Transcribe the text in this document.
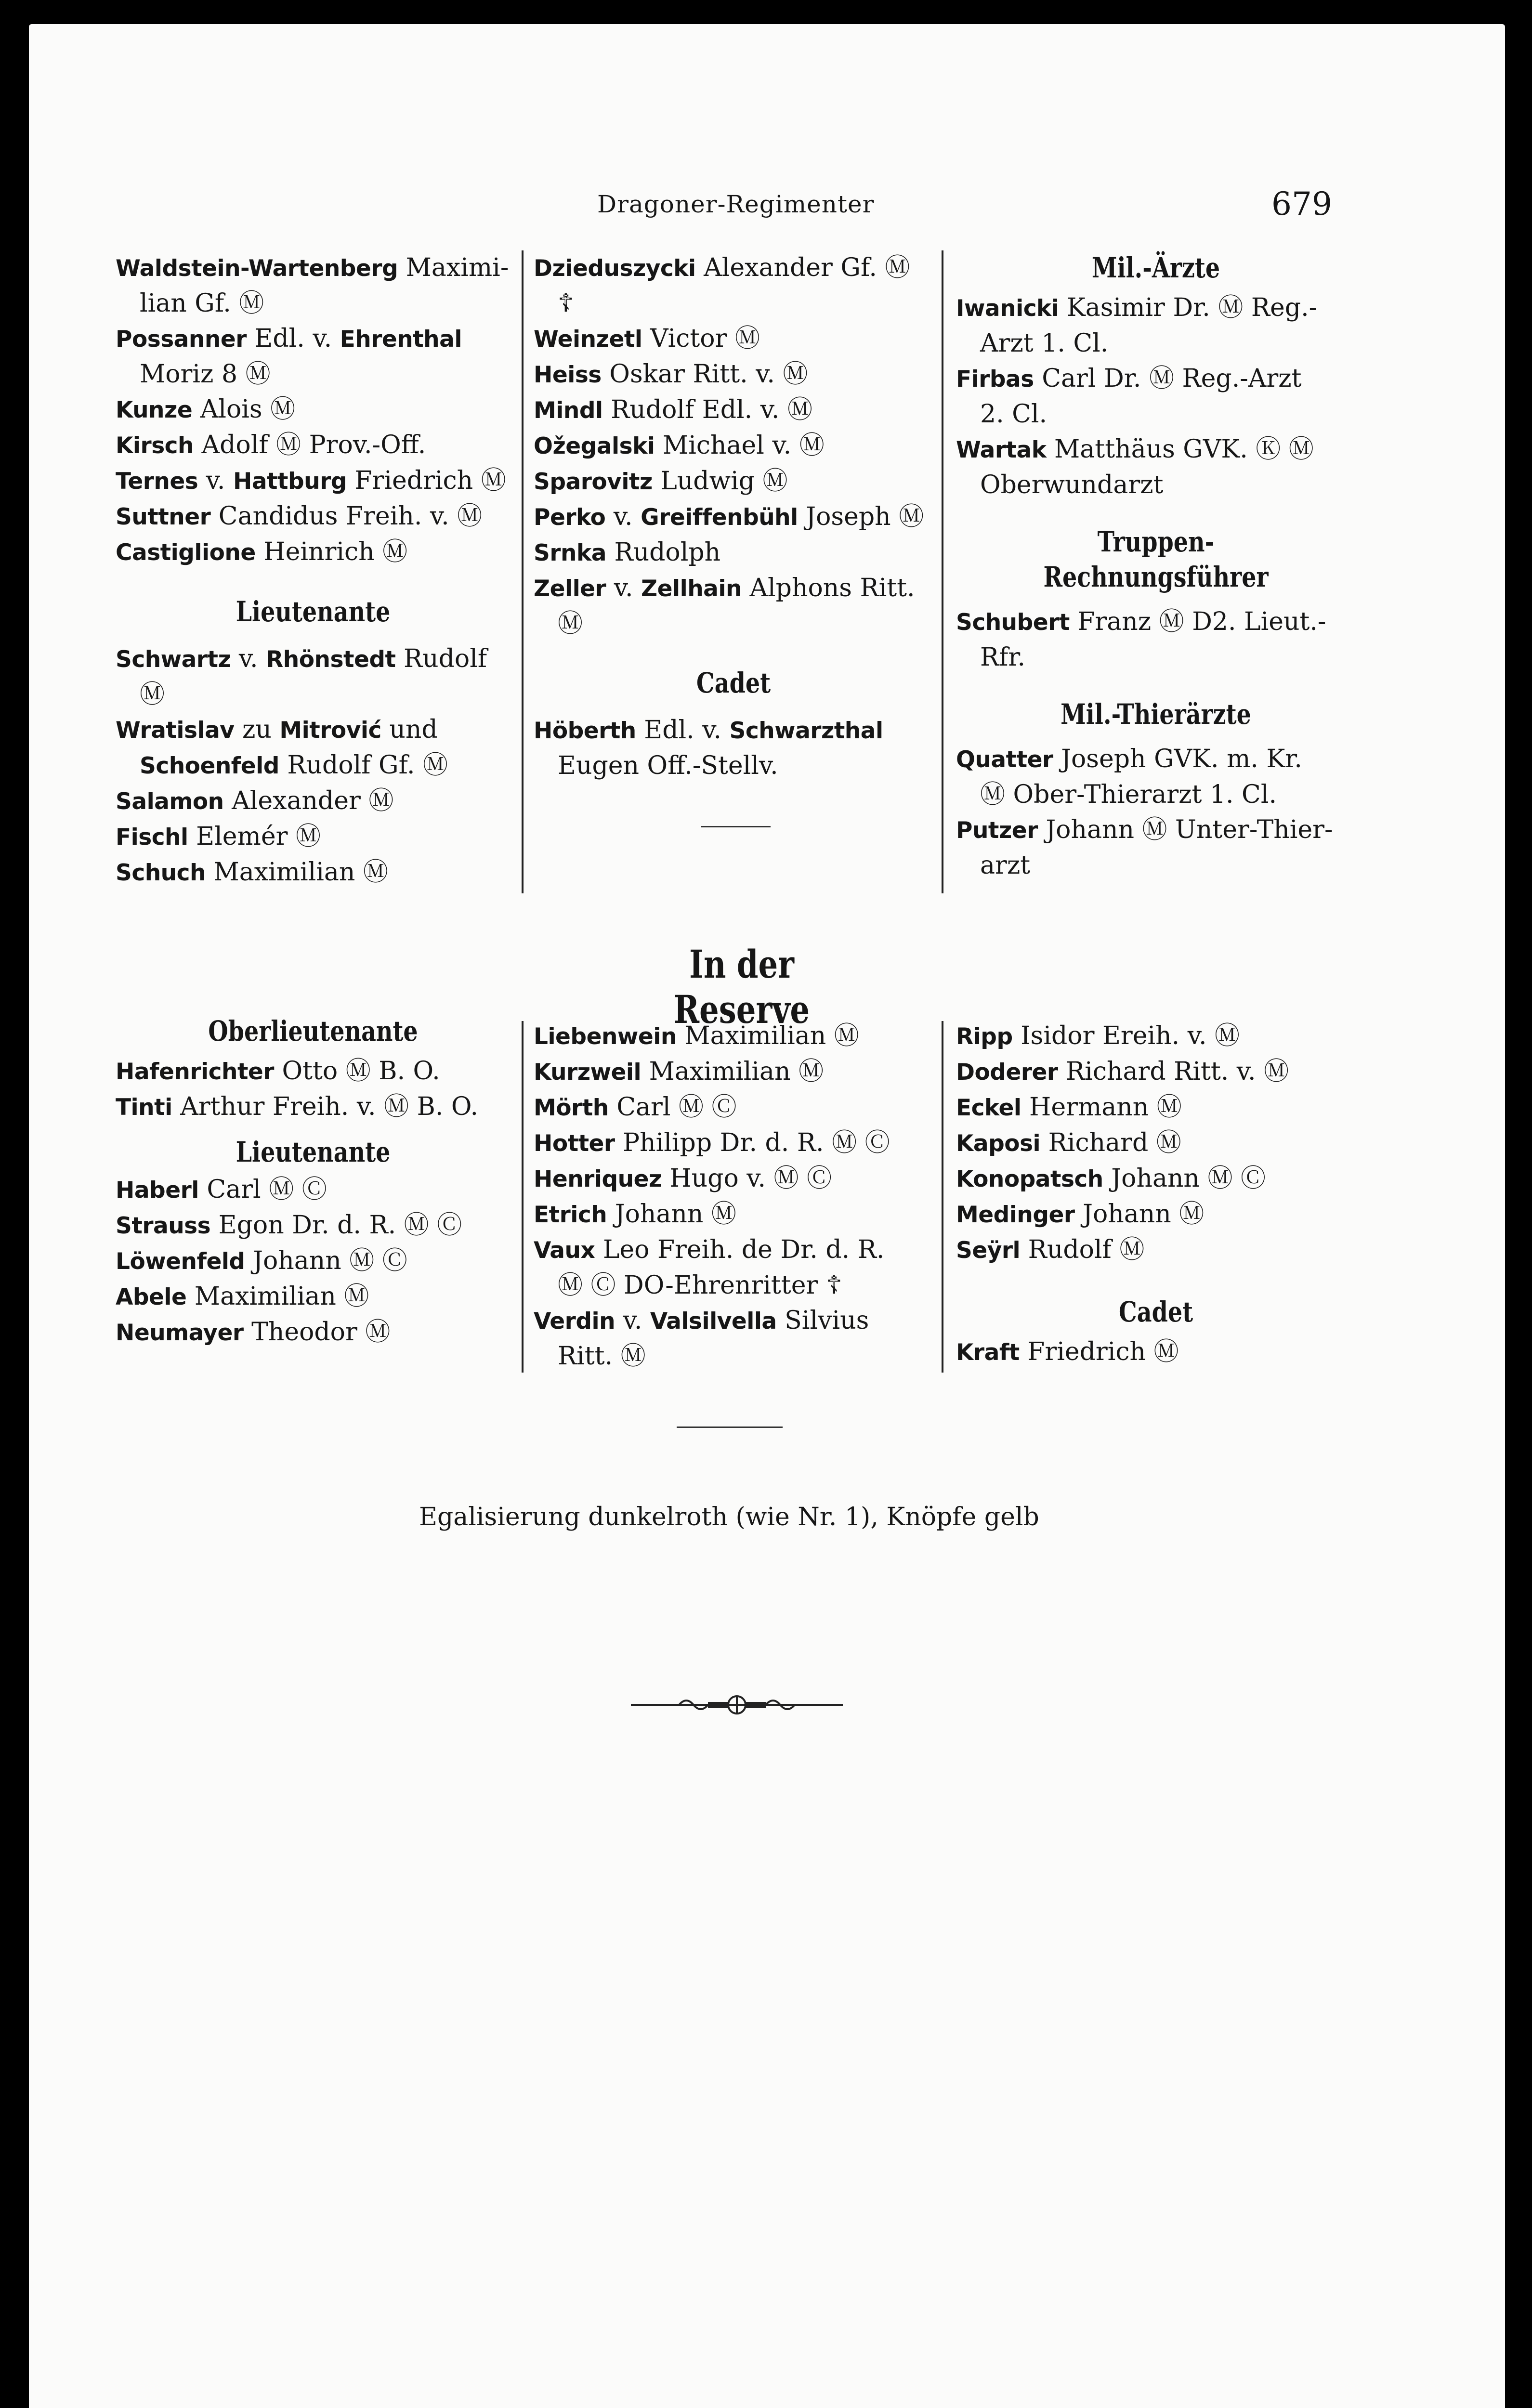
Dragoner-Regimenter	679
Waldstein-Wartenberg Maximi-
lian Gf. Ⓜ
Possanner Edl. v. Ehrenthal
Moriz 8 Ⓜ
Kunze Alois Ⓜ
Kirsch Adolf Ⓜ Prov.-Off.
Ternes v. Hattburg Friedrich Ⓜ
Suttner Candidus Freih. v. Ⓜ
Castiglione Heinrich Ⓜ
Lieutenante
Schwartz v. Rhönstedt Rudolf
Ⓜ
Wratislav zu Mitrović und
Schoenfeld Rudolf Gf. Ⓜ
Salamon Alexander Ⓜ
Fischl Elemér Ⓜ
Schuch Maximilian Ⓜ
Dzieduszycki Alexander Gf. Ⓜ
☦
Weinzetl Victor Ⓜ
Heiss Oskar Ritt. v. Ⓜ
Mindl Rudolf Edl. v. Ⓜ
Ožegalski Michael v. Ⓜ
Sparovitz Ludwig Ⓜ
Perko v. Greiffenbühl Joseph Ⓜ
Srnka Rudolph
Zeller v. Zellhain Alphons Ritt.
Ⓜ
Cadet
Höberth Edl. v. Schwarzthal
Eugen Off.-Stellv.
Mil.-Ärzte
Iwanicki Kasimir Dr. Ⓜ Reg.-
Arzt 1. Cl.
Firbas Carl Dr. Ⓜ Reg.-Arzt
2. Cl.
Wartak Matthäus GVK. Ⓚ Ⓜ
Oberwundarzt
Truppen-Rechnungsführer
Schubert Franz Ⓜ D2. Lieut.-
Rfr.
Mil.-Thierärzte
Quatter Joseph GVK. m. Kr.
Ⓜ Ober-Thierarzt 1. Cl.
Putzer Johann Ⓜ Unter-Thier-
arzt
In der Reserve
Oberlieutenante
Hafenrichter Otto Ⓜ B. O.
Tinti Arthur Freih. v. Ⓜ B. O.
Lieutenante
Haberl Carl Ⓜ Ⓒ
Strauss Egon Dr. d. R. Ⓜ Ⓒ
Löwenfeld Johann Ⓜ Ⓒ
Abele Maximilian Ⓜ
Neumayer Theodor Ⓜ
Liebenwein Maximilian Ⓜ
Kurzweil Maximilian Ⓜ
Mörth Carl Ⓜ Ⓒ
Hotter Philipp Dr. d. R. Ⓜ Ⓒ
Henriquez Hugo v. Ⓜ Ⓒ
Etrich Johann Ⓜ
Vaux Leo Freih. de Dr. d. R.
Ⓜ Ⓒ DO-Ehrenritter ☦
Verdin v. Valsilvella Silvius
Ritt. Ⓜ
Ripp Isidor Ereih. v. Ⓜ
Doderer Richard Ritt. v. Ⓜ
Eckel Hermann Ⓜ
Kaposi Richard Ⓜ
Konopatsch Johann Ⓜ Ⓒ
Medinger Johann Ⓜ
Seÿrl Rudolf Ⓜ
Cadet
Kraft Friedrich Ⓜ
Egalisierung dunkelroth (wie Nr. 1), Knöpfe gelb
